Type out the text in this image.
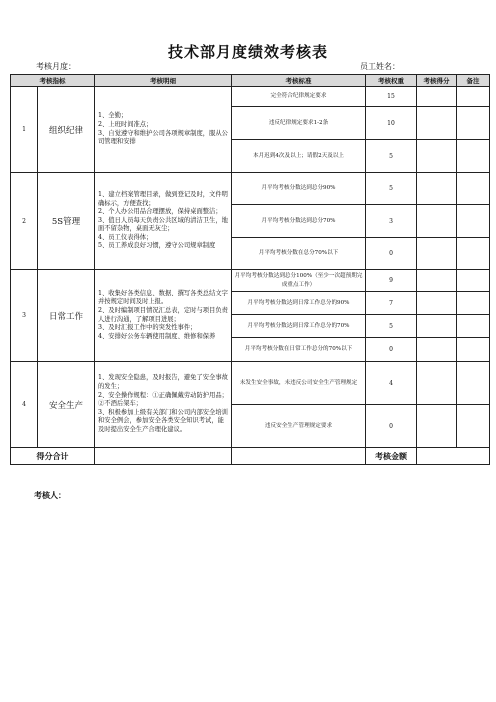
技术部月度绩效考核表
考核月度：	员工姓名：
考核指标		考核明细	考核标准	考核权重	考核得分	备注
1	组织纪律	1、全勤；
2、上班时间准点；
3、自觉遵守和维护公司各项规章制度，服从公司管理和安排	完全符合纪律规定要求	15		
			违反纪律规定要求1-2条	10		
			本月迟到4次及以上；请假2天及以上	5		
2	5S管理	1、建立档案管理目录，做到登记及时，文件明确标示，方便查找；
2、个人办公用品合理摆放，保持桌面整洁；
3、值日人员每天负责公共区域的清洁卫生，地面不留杂物，桌面无灰尘；
4、员工仪表得体；
5、员工养成良好习惯，遵守公司规章制度	月平均考核分数达到总分90%	5		
			月平均考核分数达到总分70%	3		
			月平均考核分数在总分70%以下	0		
3	日常工作	1、收集好各类信息、数据、撰写各类总结文字并按规定时间及时上报。
2、及时编制项目情况汇总表，定时与项目负责人进行沟通，了解项目进展；
3、及时汇报工作中的突发性事件；
4、安排好公务车辆使用制度、维修和保养	月平均考核分数达到总分100%（至少一次超预期完成重点工作）	9		
			月平均考核分数达到日常工作总分的90%	7		
			月平均考核分数达到日常工作总分的70%	5		
			月平均考核分数在日常工作总分的70%以下	0		
4	安全生产	1、发现安全隐患，及时报告，避免了安全事故的发生；
2、安全操作规程：①正确佩戴劳动防护用品；②不酒后架车；
3、积极参加上级有关部门和公司内部安全培训和安全例会，参加安全各类安全知识考试，能及时提出安全生产合理化建议。	未发生安全事故，未违反公司安全生产管理规定	4		
			违反安全生产管理规定要求	0		
得分合计				考核金额		
考核人：
